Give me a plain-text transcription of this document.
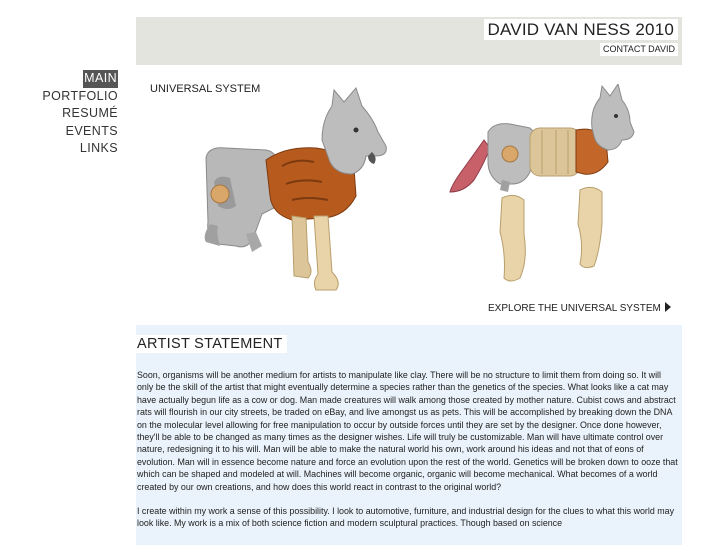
DAVID VAN NESS 2010
CONTACT DAVID
MAIN
PORTFOLIO
RESUMÉ
EVENTS
LINKS
UNIVERSAL SYSTEM
EXPLORE THE UNIVERSAL SYSTEM
ARTIST STATEMENT

Soon, organisms will be another medium for artists to manipulate like clay. There will be no structure to limit them from doing so. It will only be the skill of the artist that might eventually determine a species rather than the genetics of the species. What looks like a cat may have actually begun life as a cow or dog. Man made creatures will walk among those created by mother nature. Cubist cows and abstract rats will flourish in our city streets, be traded on eBay, and live amongst us as pets. This will be accomplished by breaking down the DNA on the molecular level allowing for free manipulation to occur by outside forces until they are set by the designer. Once done however, they'll be able to be changed as many times as the designer wishes. Life will truly be customizable. Man will have ultimate control over nature, redesigning it to his will. Man will be able to make the natural world his own, work around his ideas and not that of eons of evolution. Man will in essence become nature and force an evolution upon the rest of the world. Genetics will be broken down to ooze that which can be shaped and modeled at will. Machines will become organic, organic will become mechanical. What becomes of a world created by our own creations, and how does this world react in contrast to the original world?

I create within my work a sense of this possibility. I look to automotive, furniture, and industrial design for the clues to what this world may look like. My work is a mix of both science fiction and modern sculptural practices. Though based on science
